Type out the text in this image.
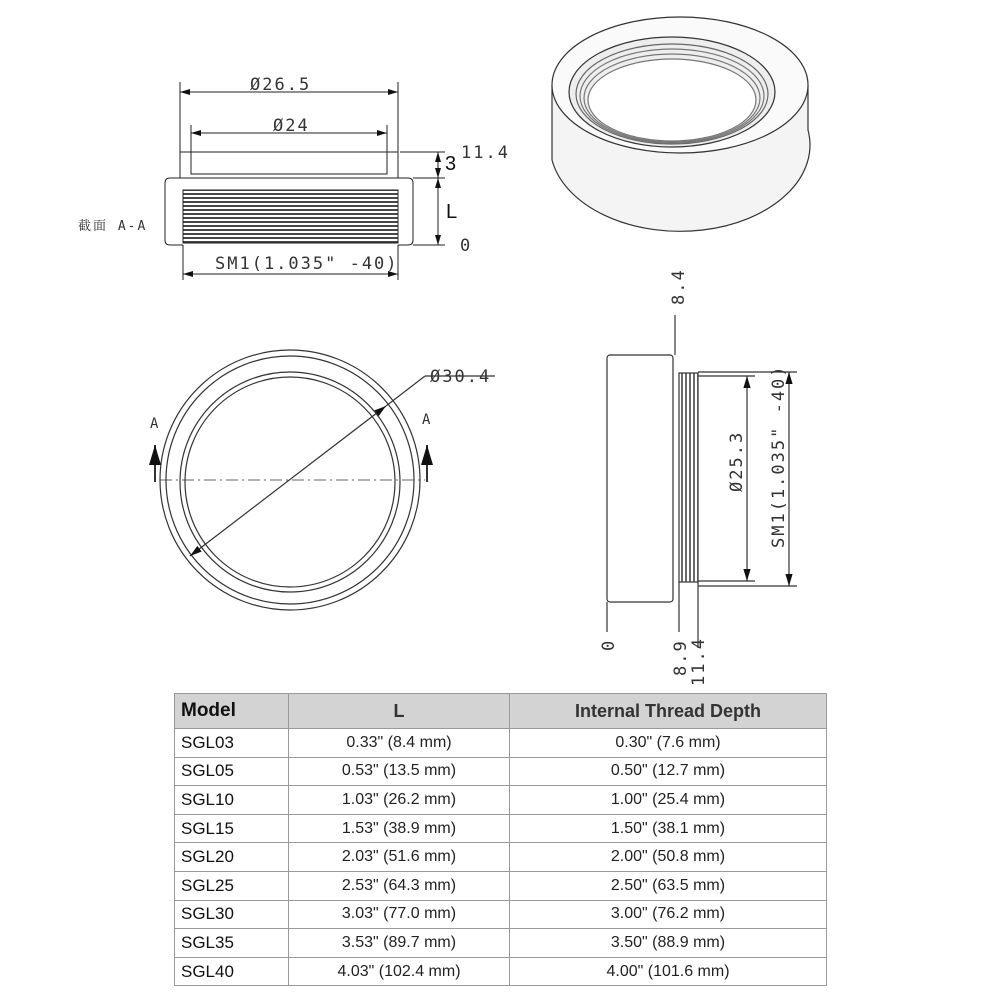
Ø26.5
Ø24
3 11.4
L
0
SM1(1.035" -40)
截面 A-A
Ø30.4
A	A
8.4
0	8.9
11.4
Ø25.3 SM1(1.035" -40)
Model	L	Internal Thread Depth
SGL03	0.33" (8.4 mm)	0.30" (7.6 mm)
SGL05	0.53" (13.5 mm)	0.50" (12.7 mm)
SGL10	1.03" (26.2 mm)	1.00" (25.4 mm)
SGL15	1.53" (38.9 mm)	1.50" (38.1 mm)
SGL20	2.03" (51.6 mm)	2.00" (50.8 mm)
SGL25	2.53" (64.3 mm)	2.50" (63.5 mm)
SGL30	3.03" (77.0 mm)	3.00" (76.2 mm)
SGL35	3.53" (89.7 mm)	3.50" (88.9 mm)
SGL40	4.03" (102.4 mm)	4.00" (101.6 mm)
